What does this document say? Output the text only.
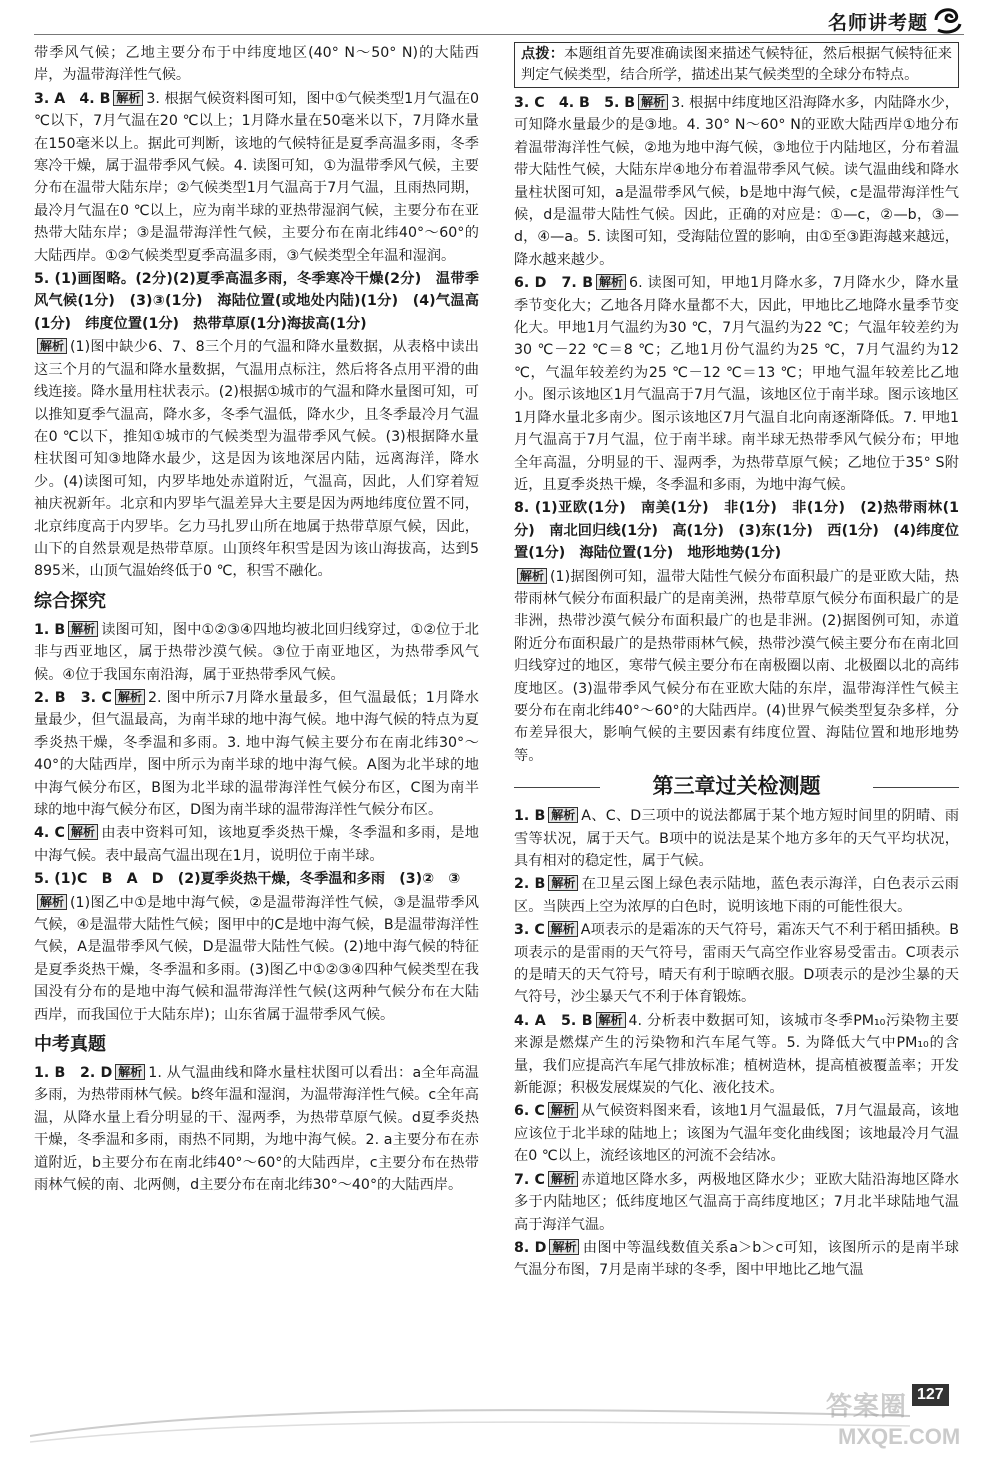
名师讲考题

带季风气候；乙地主要分布于中纬度地区(40° N～50° N)的大陆西岸，为温带海洋性气候。

3. A　4. B 解析 3. 根据气候资料图可知，图中①气候类型1月气温在0 ℃以下，7月气温在20 ℃以上；1月降水量在50毫米以下，7月降水量在150毫米以上。据此可判断，该地的气候特征是夏季高温多雨，冬季寒冷干燥，属于温带季风气候。4. 读图可知，①为温带季风气候，主要分布在温带大陆东岸；②气候类型1月气温高于7月气温，且雨热同期，最冷月气温在0 ℃以上，应为南半球的亚热带湿润气候，主要分布在亚热带大陆东岸；③是温带海洋性气候，主要分布在南北纬40°～60°的大陆西岸。①②气候类型夏季高温多雨，③气候类型全年温和湿润。

5. (1)画图略。(2分)(2)夏季高温多雨，冬季寒冷干燥(2分)　温带季风气候(1分)　(3)③(1分)　海陆位置(或地处内陆)(1分)　(4)气温高(1分)　纬度位置(1分)　热带草原(1分)海拔高(1分)

解析 (1)图中缺少6、7、8三个月的气温和降水量数据，从表格中读出这三个月的气温和降水量数据，气温用点标注，然后将各点用平滑的曲线连接。降水量用柱状表示。(2)根据①城市的气温和降水量图可知，可以推知夏季气温高，降水多，冬季气温低，降水少，且冬季最冷月气温在0 ℃以下，推知①城市的气候类型为温带季风气候。(3)根据降水量柱状图可知③地降水最少，这是因为该地深居内陆，远离海洋，降水少。(4)读图可知，内罗毕地处赤道附近，气温高，因此，人们穿着短袖庆祝新年。北京和内罗毕气温差异大主要是因为两地纬度位置不同，北京纬度高于内罗毕。乞力马扎罗山所在地属于热带草原气候，因此，山下的自然景观是热带草原。山顶终年积雪是因为该山海拔高，达到5 895米，山顶气温始终低于0 ℃，积雪不融化。

综合探究

1. B 解析 读图可知，图中①②③④四地均被北回归线穿过，①②位于北非与西亚地区，属于热带沙漠气候。③位于南亚地区，为热带季风气候。④位于我国东南沿海，属于亚热带季风气候。

2. B　3. C 解析 2. 图中所示7月降水量最多，但气温最低；1月降水量最少，但气温最高，为南半球的地中海气候。地中海气候的特点为夏季炎热干燥，冬季温和多雨。3. 地中海气候主要分布在南北纬30°～40°的大陆西岸，图中所示为南半球的地中海气候。A图为北半球的地中海气候分布区，B图为北半球的温带海洋性气候分布区，C图为南半球的地中海气候分布区，D图为南半球的温带海洋性气候分布区。

4. C 解析 由表中资料可知，该地夏季炎热干燥，冬季温和多雨，是地中海气候。表中最高气温出现在1月，说明位于南半球。

5. (1)C　B　A　D　(2)夏季炎热干燥，冬季温和多雨　(3)②　③

解析 (1)图乙中①是地中海气候，②是温带海洋性气候，③是温带季风气候，④是温带大陆性气候；图甲中的C是地中海气候，B是温带海洋性气候，A是温带季风气候，D是温带大陆性气候。(2)地中海气候的特征是夏季炎热干燥，冬季温和多雨。(3)图乙中①②③④四种气候类型在我国没有分布的是地中海气候和温带海洋性气候(这两种气候分布在大陆西岸，而我国位于大陆东岸)；山东省属于温带季风气候。

中考真题

1. B　2. D 解析 1. 从气温曲线和降水量柱状图可以看出：a全年高温多雨，为热带雨林气候。b终年温和湿润，为温带海洋性气候。c全年高温，从降水量上看分明显的干、湿两季，为热带草原气候。d夏季炎热干燥，冬季温和多雨，雨热不同期，为地中海气候。2. a主要分布在赤道附近，b主要分布在南北纬40°～60°的大陆西岸，c主要分布在热带雨林气候的南、北两侧，d主要分布在南北纬30°～40°的大陆西岸。

点拨：本题组首先要准确读图来描述气候特征，然后根据气候特征来判定气候类型，结合所学，描述出某气候类型的全球分布特点。

3. C　4. B　5. B 解析 3. 根据中纬度地区沿海降水多，内陆降水少，可知降水量最少的是③地。4. 30° N～60° N的亚欧大陆西岸①地分布着温带海洋性气候，②地为地中海气候，③地位于内陆地区，分布着温带大陆性气候，大陆东岸④地分布着温带季风气候。读气温曲线和降水量柱状图可知，a是温带季风气候，b是地中海气候，c是温带海洋性气候，d是温带大陆性气候。因此，正确的对应是：①—c，②—b，③—d，④—a。5. 读图可知，受海陆位置的影响，由①至③距海越来越远，降水越来越少。

6. D　7. B 解析 6. 读图可知，甲地1月降水多，7月降水少，降水量季节变化大；乙地各月降水量都不大，因此，甲地比乙地降水量季节变化大。甲地1月气温约为30 ℃，7月气温约为22 ℃；气温年较差约为30 ℃－22 ℃＝8 ℃；乙地1月份气温约为25 ℃，7月气温约为12 ℃，气温年较差约为25 ℃－12 ℃＝13 ℃；甲地气温年较差比乙地小。图示该地区1月气温高于7月气温，该地区位于南半球。图示该地区1月降水量北多南少。图示该地区7月气温自北向南逐渐降低。7. 甲地1月气温高于7月气温，位于南半球。南半球无热带季风气候分布；甲地全年高温，分明显的干、湿两季，为热带草原气候；乙地位于35° S附近，且夏季炎热干燥，冬季温和多雨，为地中海气候。

8. (1)亚欧(1分)　南美(1分)　非(1分)　非(1分)　(2)热带雨林(1分)　南北回归线(1分)　高(1分)　(3)东(1分)　西(1分)　(4)纬度位置(1分)　海陆位置(1分)　地形地势(1分)

解析 (1)据图例可知，温带大陆性气候分布面积最广的是亚欧大陆，热带雨林气候分布面积最广的是南美洲，热带草原气候分布面积最广的是非洲，热带沙漠气候分布面积最广的也是非洲。(2)据图例可知，赤道附近分布面积最广的是热带雨林气候，热带沙漠气候主要分布在南北回归线穿过的地区，寒带气候主要分布在南极圈以南、北极圈以北的高纬度地区。(3)温带季风气候分布在亚欧大陆的东岸，温带海洋性气候主要分布在南北纬40°～60°的大陆西岸。(4)世界气候类型复杂多样，分布差异很大，影响气候的主要因素有纬度位置、海陆位置和地形地势等。

第三章过关检测题

1. B 解析 A、C、D三项中的说法都属于某个地方短时间里的阴晴、雨雪等状况，属于天气。B项中的说法是某个地方多年的天气平均状况，具有相对的稳定性，属于气候。

2. B 解析 在卫星云图上绿色表示陆地，蓝色表示海洋，白色表示云雨区。当陕西上空为浓厚的白色时，说明该地下雨的可能性很大。

3. C 解析 A项表示的是霜冻的天气符号，霜冻天气不利于稻田插秧。B项表示的是雷雨的天气符号，雷雨天气高空作业容易受雷击。C项表示的是晴天的天气符号，晴天有利于晾晒衣服。D项表示的是沙尘暴的天气符号，沙尘暴天气不利于体育锻炼。

4. A　5. B 解析 4. 分析表中数据可知，该城市冬季PM₁₀污染物主要来源是燃煤产生的污染物和汽车尾气等。5. 为降低大气中PM₁₀的含量，我们应提高汽车尾气排放标准；植树造林，提高植被覆盖率；开发新能源；积极发展煤炭的气化、液化技术。

6. C 解析 从气候资料图来看，该地1月气温最低，7月气温最高，该地应该位于北半球的陆地上；该图为气温年变化曲线图；该地最冷月气温在0 ℃以上，流经该地区的河流不会结冰。

7. C 解析 赤道地区降水多，两极地区降水少；亚欧大陆沿海地区降水多于内陆地区；低纬度地区气温高于高纬度地区；7月北半球陆地气温高于海洋气温。

8. D 解析 由图中等温线数值关系a＞b＞c可知，该图所示的是南半球气温分布图，7月是南半球的冬季，图中甲地比乙地气温

答案圈
MXQE.COM
127
